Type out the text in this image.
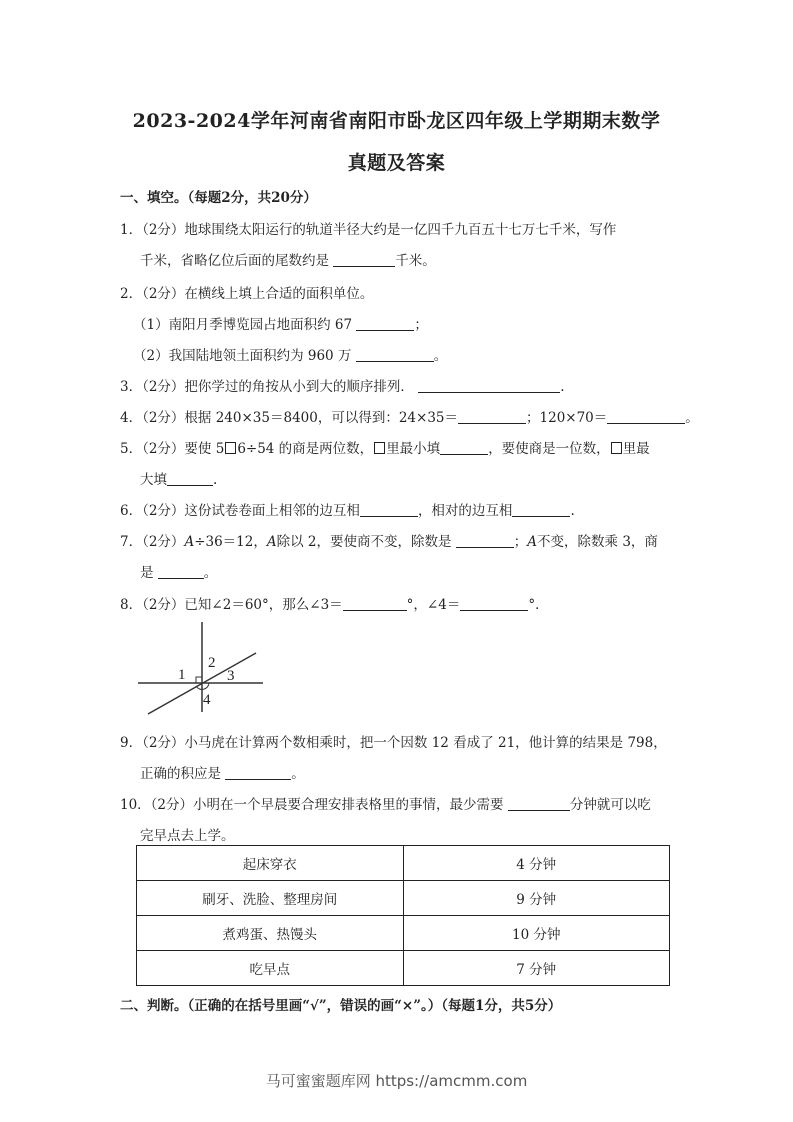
2023-2024学年河南省南阳市卧龙区四年级上学期期末数学
真题及答案
一、填空。（每题2分，共20分）
1．（2分）地球围绕太阳运行的轨道半径大约是一亿四千九百五十七万七千米，写作
千米，省略亿位后面的尾数约是	千米。
2．（2分）在横线上填上合适的面积单位。
（1）南阳月季博览园占地面积约 67	；
（2）我国陆地领土面积约为 960 万	。
3．（2分）把你学过的角按从小到大的顺序排列．	.
4．（2分）根据 240×35＝8400，可以得到：24×35＝	；120×70＝	。
5．（2分）要使 5 6÷54 的商是两位数， 里最小填	，要使商是一位数， 里最
大填	.
6．（2分）这份试卷卷面上相邻的边互相	，相对的边互相	.
7．（2分）A÷36＝12，A除以 2，要使商不变，除数是	；A不变，除数乘 3，商
是	。
8．（2分）已知∠2＝60°，那么∠3＝	°，∠4＝	°．
1
2
3
4
9．（2分）小马虎在计算两个数相乘时，把一个因数 12 看成了 21，他计算的结果是 798，
正确的积应是	。
10．（2分）小明在一个早晨要合理安排表格里的事情，最少需要	分钟就可以吃
完早点去上学。
起床穿衣	4 分钟
刷牙、洗脸、整理房间	9 分钟
煮鸡蛋、热馒头	10 分钟
吃早点	7 分钟
二、判断。（正确的在括号里画“√”，错误的画“×”。）（每题1分，共5分）
马可蜜蜜题库网 https://amcmm.com
